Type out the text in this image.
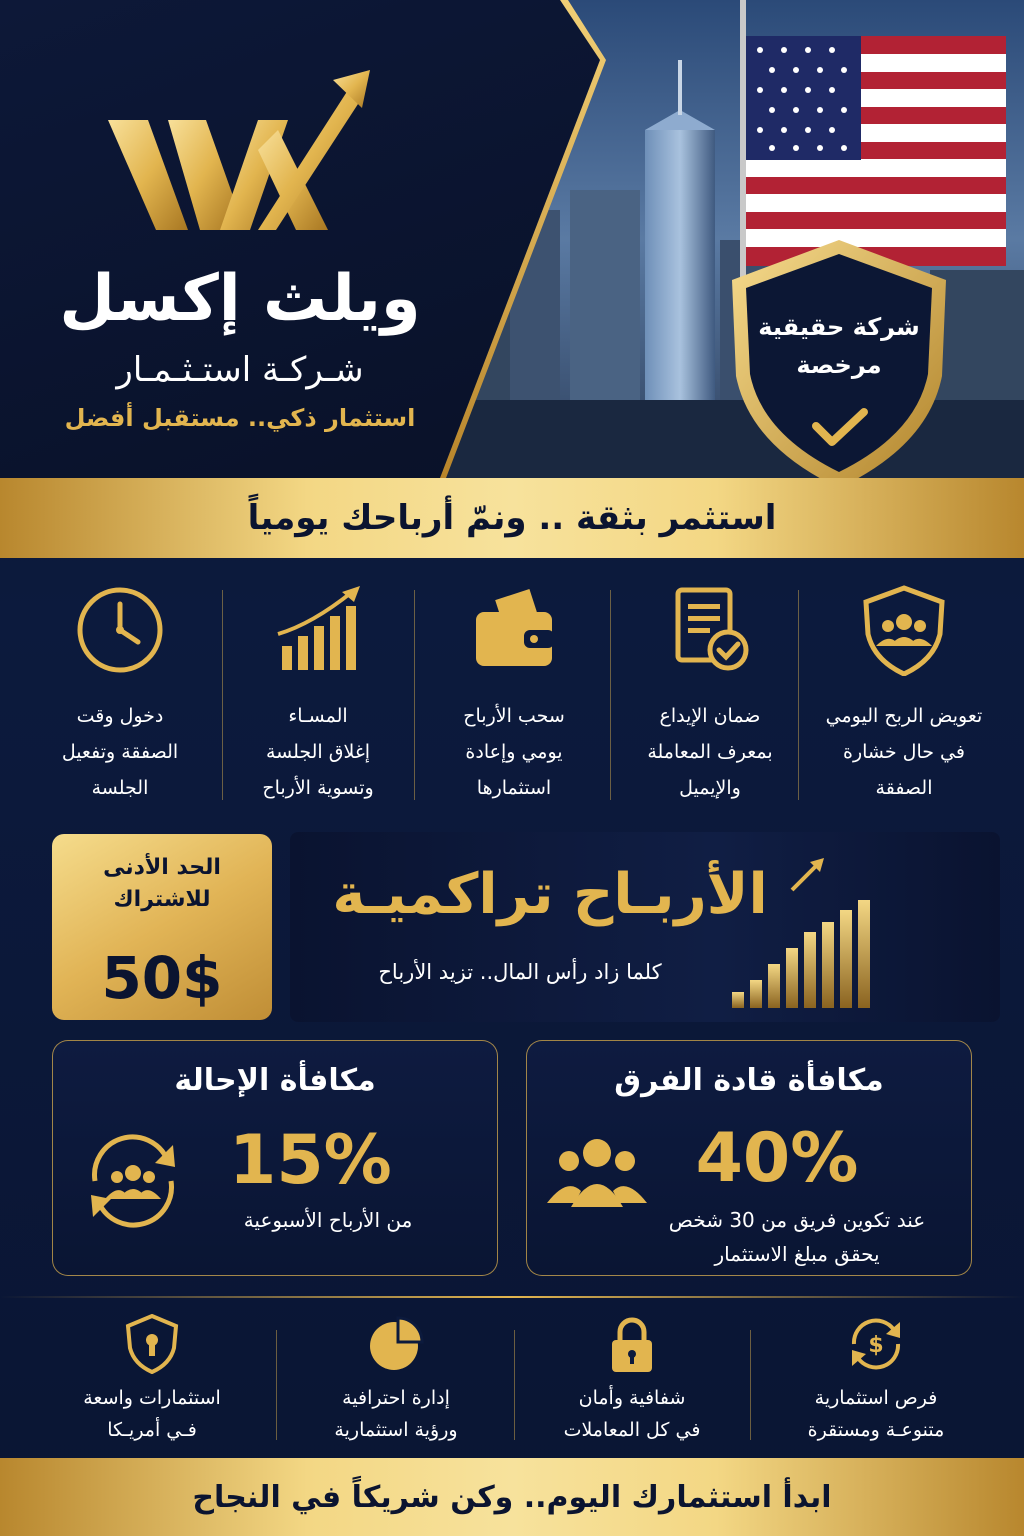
ويلث إكسل
شـركـة استـثـمـار
استثمار ذكي.. مستقبل أفضل
شركة حقيقية
مرخصة
استثمر بثقة .. ونمّ أرباحك يومياً
تعويض الربح اليومي
في حال خشارة
الصفقة
ضمان الإيداع
بمعرف المعاملة
والإيميل
سحب الأرباح
يومي وإعادة
استثمارها
المسـاء
إغلاق الجلسة
وتسوية الأرباح
دخول وقت
الصفقة وتفعيل
الجلسة
الأربـاح تراكميـة
كلما زاد رأس المال.. تزيد الأرباح
الحد الأدنى
للاشتراك
50$
مكافأة الإحالة
15%
من الأرباح الأسبوعية
مكافأة قادة الفرق
40%
عند تكوين فريق من 30 شخص
يحقق مبلغ الاستثمار
$
فرص استثمارية
متنوعـة ومستقرة
شفافية وأمان
في كل المعاملات
إدارة احترافية
ورؤية استثمارية
استثمارات واسعة
فـي أمريـكا
ابدأ استثمارك اليوم.. وكن شريكاً في النجاح
